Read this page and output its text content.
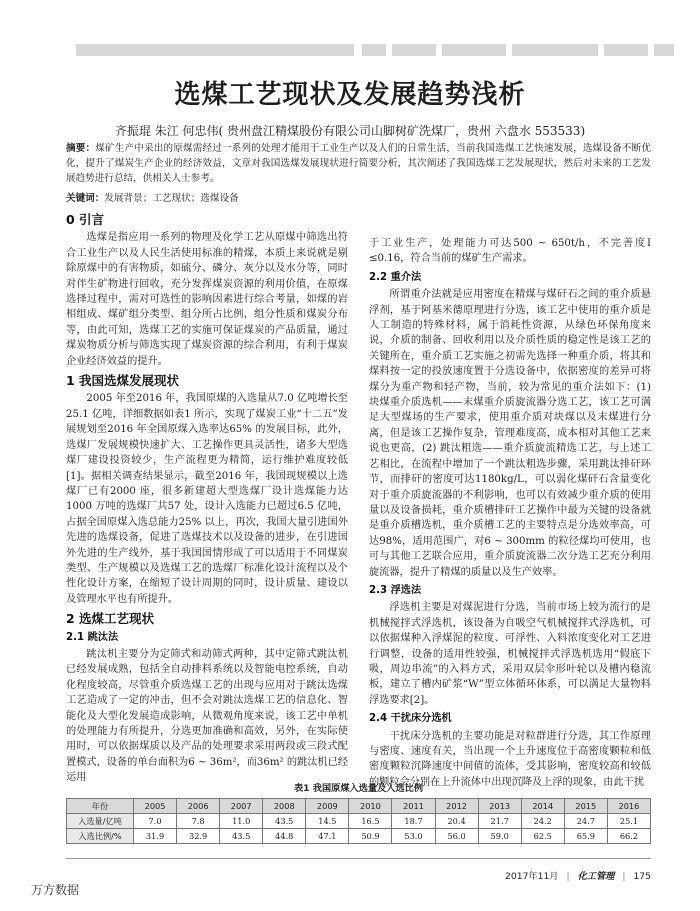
选煤工艺现状及发展趋势浅析
齐振琨 朱江 何忠伟( 贵州盘江精煤股份有限公司山脚树矿洗煤厂，贵州 六盘水 553533)
摘要：煤矿生产中采出的原煤需经过一系列的处理才能用于工业生产以及人们的日常生活，当前我国选煤工艺快速发展，选煤设备不断优化，提升了煤炭生产企业的经济效益，文章对我国选煤发展现状进行简要分析，其次阐述了我国选煤工艺发展现状，然后对未来的工艺发展趋势进行总结，供相关人士参考。
关键词：发展背景；工艺现状；选煤设备
0 引言

选煤是指应用一系列的物理及化学工艺从原煤中筛选出符合工业生产以及人民生活使用标准的精煤，本质上来说就是剔除原煤中的有害物质，如硫分、磷分、灰分以及水分等，同时对伴生矿物进行回收，充分发挥煤炭资源的利用价值，在原煤选择过程中，需对可选性的影响因素进行综合考量，如煤的岩相组成、煤矿组分类型、组分所占比例，组分性质和煤炭分布等，由此可知，选煤工艺的实施可保证煤炭的产品质量，通过煤炭物质分析与筛选实现了煤炭资源的综合利用，有利于煤炭企业经济效益的提升。

1 我国选煤发展现状

2005 年至2016 年，我国原煤的入选量从7.0 亿吨增长至25.1 亿吨，详细数据如表1 所示，实现了煤炭工业“十二五”发展规划至2016 年全国原煤入选率达65% 的发展目标，此外，选煤厂发展规模快速扩大、工艺操作更具灵活性，诸多大型选煤厂建设投资较少，生产流程更为精简，运行维护难度较低[1]。据相关调查结果显示，截至2016 年，我国现规模以上选煤厂已有2000 座，很多新建超大型选煤厂设计选煤能力达1000 万吨的选煤厂共57 处，设计入选能力已超过6.5 亿吨，占据全国原煤入选总能力25% 以上，再次，我国大量引进国外先进的选煤设备，促进了选煤技术以及设备的进步，在引进国外先进的生产线外，基于我国国情形成了可以适用于不同煤炭类型、生产规模以及选煤工艺的选煤厂标准化设计流程以及个性化设计方案，在缩短了设计周期的同时，设计质量、建设以及管理水平也有所提升。

2 选煤工艺现状
2.1 跳汰法

跳汰机主要分为定筛式和动筛式两种，其中定筛式跳汰机已经发展成熟，包括全自动排料系统以及智能电控系统，自动化程度较高，尽管重介质选煤工艺的出现与应用对于跳汰选煤工艺造成了一定的冲击，但不会对跳汰选煤工艺的信息化、智能化及大型化发展造成影响，从微观角度来说，该工艺中单机的处理能力有所提升，分选更加准确和高效，另外，在实际使用时，可以依据煤质以及产品的处理要求采用两段或三段式配置模式，设备的单台面积为6 ~ 36m²，而36m² 的跳汰机已经运用

于工业生产，处理能力可达500 ~ 650t/h，不完善度I ≤0.16，符合当前的煤矿生产需求。

2.2 重介法

所谓重介法就是应用密度在精煤与煤矸石之间的重介质悬浮剂，基于阿基米德原理进行分选，该工艺中使用的重介质是人工制造的特殊材料，属于消耗性资源，从绿色环保角度来说，介质的制备、回收利用以及介质性质的稳定性是该工艺的关键所在，重介质工艺实施之初需先选择一种重介质，将其和煤料按一定的投放速度置于分选设备中，依据密度的差异可将煤分为重产物和轻产物，当前，较为常见的重介法如下：(1) 块煤重介质选机——末煤重介质旋流器分选工艺，该工艺可满足大型煤场的生产要求，使用重介质对块煤以及末煤进行分离，但是该工艺操作复杂，管理难度高，成本相对其他工艺来说也更高，(2) 跳汰粗选——重介质旋流精选工艺，与上述工艺相比，在流程中增加了一个跳汰粗选步骤，采用跳汰排矸环节，而排矸的密度可达1180kg/L，可以弱化煤矸石含量变化对于重介质旋流器的不利影响，也可以有效减少重介质的使用量以及设备损耗，重介质槽排矸工艺操作中最为关键的设备就是重介质槽选机，重介质槽工艺的主要特点是分选效率高，可达98%，适用范围广，对6 ~ 300mm 的粒径煤均可使用，也可与其他工艺联合应用，重介质旋流器二次分选工艺充分利用旋流器，提升了精煤的质量以及生产效率。

2.3 浮选法

浮选机主要是对煤泥进行分选，当前市场上较为流行的是机械搅拌式浮选机，该设备为自吸空气机械搅拌式浮选机，可以依据煤种入浮煤泥的粒度、可浮性、入料浓度变化对工艺进行调整，设备的适用性较强，机械搅拌式浮选机选用“假底下吸，周边串流”的入料方式，采用双层伞形叶轮以及槽内稳流板，建立了槽内矿浆“W”型立体循环体系，可以满足大量物料浮选要求[2]。

2.4 干扰床分选机

干扰床分选机的主要功能是对粒群进行分选，其工作原理与密度、速度有关，当出现一个上升速度位于高密度颗粒和低密度颗粒沉降速度中间值的流体，受其影响，密度较高和较低的颗粒会分别在上升流体中出现沉降及上浮的现象，由此干扰

表1 我国原煤入选量及入选比例
年份	2005	2006	2007	2008	2009	2010	2011	2012	2013	2014	2015	2016
入选量/亿吨	7.0	7.8	11.0	43.5	14.5	16.5	18.7	20.4	21.7	24.2	24.7	25.1
入选比例/%	31.9	32.9	43.5	44.8	47.1	50.9	53.0	56.0	59.0	62.5	65.9	66.2
2017年11月 | 化工管理 | 175
万方数据
